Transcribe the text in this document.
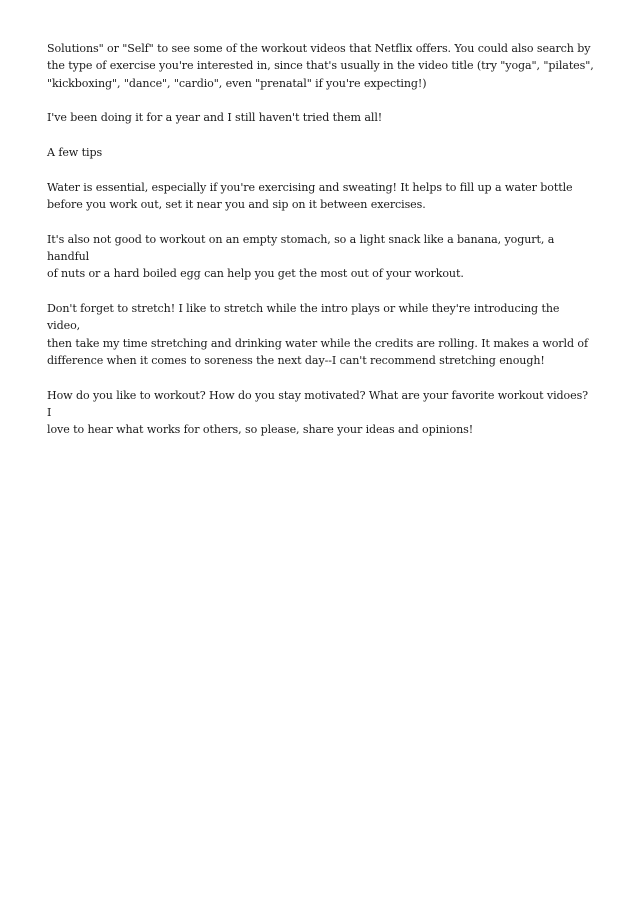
Solutions" or "Self" to see some of the workout videos that Netflix offers. You could also search by
the type of exercise you're interested in, since that's usually in the video title (try "yoga", "pilates",
"kickboxing", "dance", "cardio", even "prenatal" if you're expecting!)

I've been doing it for a year and I still haven't tried them all!

A few tips

Water is essential, especially if you're exercising and sweating! It helps to fill up a water bottle
before you work out, set it near you and sip on it between exercises.

It's also not good to workout on an empty stomach, so a light snack like a banana, yogurt, a handful
of nuts or a hard boiled egg can help you get the most out of your workout.

Don't forget to stretch! I like to stretch while the intro plays or while they're introducing the video,
then take my time stretching and drinking water while the credits are rolling. It makes a world of
difference when it comes to soreness the next day--I can't recommend stretching enough!

How do you like to workout? How do you stay motivated? What are your favorite workout vidoes? I
love to hear what works for others, so please, share your ideas and opinions!
